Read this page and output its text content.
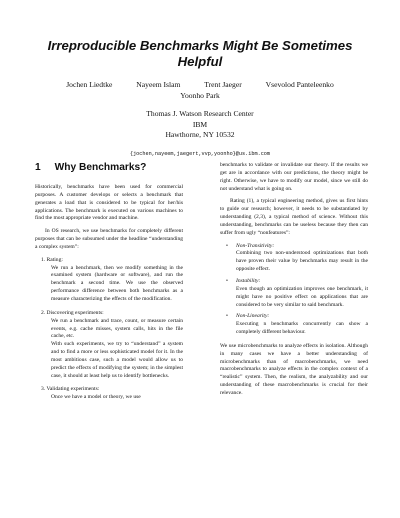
Irreproducible Benchmarks Might Be Sometimes Helpful
Jochen Liedtke	Nayeem Islam	Trent Jaeger	Vsevolod Panteleenko
Yoonho Park
Thomas J. Watson Research Center
IBM
Hawthorne, NY 10532
{jochen,nayeem,jaegert,vvp,yoonho}@us.ibm.com
1 Why Benchmarks?

Historically, benchmarks have been used for commercial purposes. A customer develops or selects a benchmark that generates a load that is considered to be typical for her/his applications. The benchmark is executed on various machines to find the most appropriate vendor and machine.

In OS research, we use benchmarks for completely different purposes that can be subsumed under the headline “understanding a complex system”:

1. Rating:
We run a benchmark, then we modify something in the examined system (hardware or software), and run the benchmark a second time. We use the observed performance difference between both benchmarks as a measure characterizing the effects of the modification.
2. Discovering experiments:
We run a benchmark and trace, count, or measure certain events, e.g. cache misses, system calls, hits in the file cache, etc.
With such experiments, we try to “understand” a system and to find a more or less sophisticated model for it. In the most ambitious case, such a model would allow us to predict the effects of modifying the system; in the simplest case, it should at least help us to identify bottlenecks.
3. Validating experiments:
Once we have a model or theory, we use

benchmarks to validate or invalidate our theory. If the results we get are in accordance with our predictions, the theory might be right. Otherwise, we have to modify our model, since we still do not understand what is going on.

Rating (1), a typical engineering method, gives us first hints to guide our research; however, it needs to be substantiated by understanding (2,3), a typical method of science. Without this understanding, benchmarks can be useless because they then can suffer from ugly “nonfeatures”:

• Non-Transitivity:
Combining two non-understood optimizations that both have proven their value by benchmarks may result in the opposite effect.
• Instability:
Even though an optimization improves one benchmark, it might have no positive effect on applications that are considered to be very similar to said benchmark.
• Non-Linearity:
Executing n benchmarks concurrently can show a completely different behaviour.

We use microbenchmarks to analyze effects in isolation. Although in many cases we have a better understanding of microbenchmarks than of macrobenchmarks, we need macrobenchmarks to analyze effects in the complex context of a “realistic” system. Then, the realism, the analyzability and our understanding of these macrobenchmarks is crucial for their relevance.
